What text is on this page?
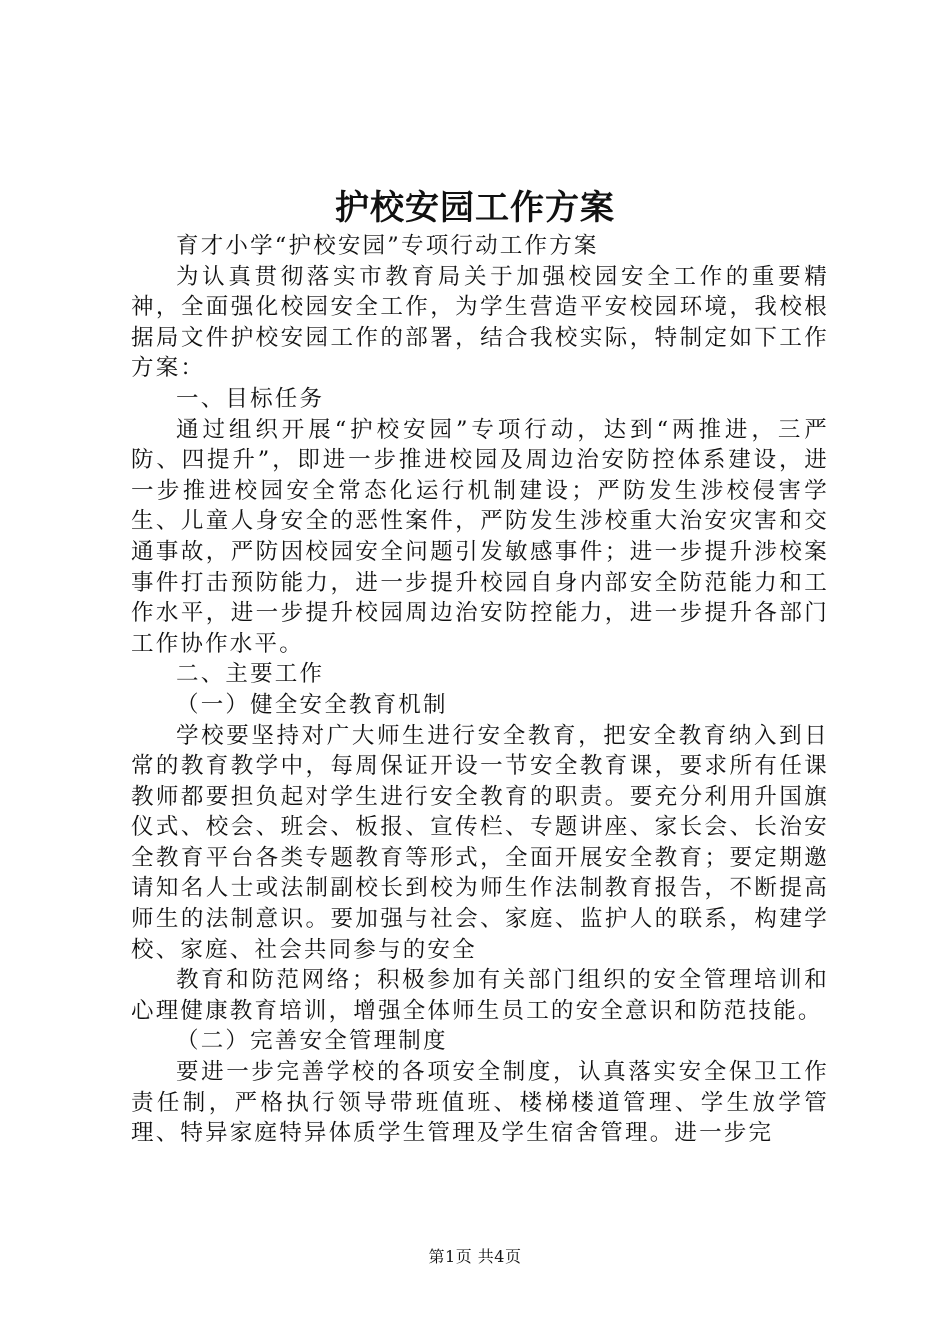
护校安园工作方案

育才小学“护校安园”专项行动工作方案

为认真贯彻落实市教育局关于加强校园安全工作的重要精神，全面强化校园安全工作，为学生营造平安校园环境，我校根据局文件护校安园工作的部署，结合我校实际，特制定如下工作方案：

一、目标任务

通过组织开展“护校安园”专项行动，达到“两推进，三严防、四提升”，即进一步推进校园及周边治安防控体系建设，进一步推进校园安全常态化运行机制建设；严防发生涉校侵害学生、儿童人身安全的恶性案件，严防发生涉校重大治安灾害和交通事故，严防因校园安全问题引发敏感事件；进一步提升涉校案事件打击预防能力，进一步提升校园自身内部安全防范能力和工作水平，进一步提升校园周边治安防控能力，进一步提升各部门工作协作水平。

二、主要工作

（一）健全安全教育机制

学校要坚持对广大师生进行安全教育，把安全教育纳入到日常的教育教学中，每周保证开设一节安全教育课，要求所有任课教师都要担负起对学生进行安全教育的职责。要充分利用升国旗仪式、校会、班会、板报、宣传栏、专题讲座、家长会、长治安全教育平台各类专题教育等形式，全面开展安全教育；要定期邀请知名人士或法制副校长到校为师生作法制教育报告，不断提高师生的法制意识。要加强与社会、家庭、监护人的联系，构建学校、家庭、社会共同参与的安全

教育和防范网络；积极参加有关部门组织的安全管理培训和心理健康教育培训，增强全体师生员工的安全意识和防范技能。

（二）完善安全管理制度

要进一步完善学校的各项安全制度，认真落实安全保卫工作责任制，严格执行领导带班值班、楼梯楼道管理、学生放学管理、特异家庭特异体质学生管理及学生宿舍管理。进一步完

第1页 共4页
